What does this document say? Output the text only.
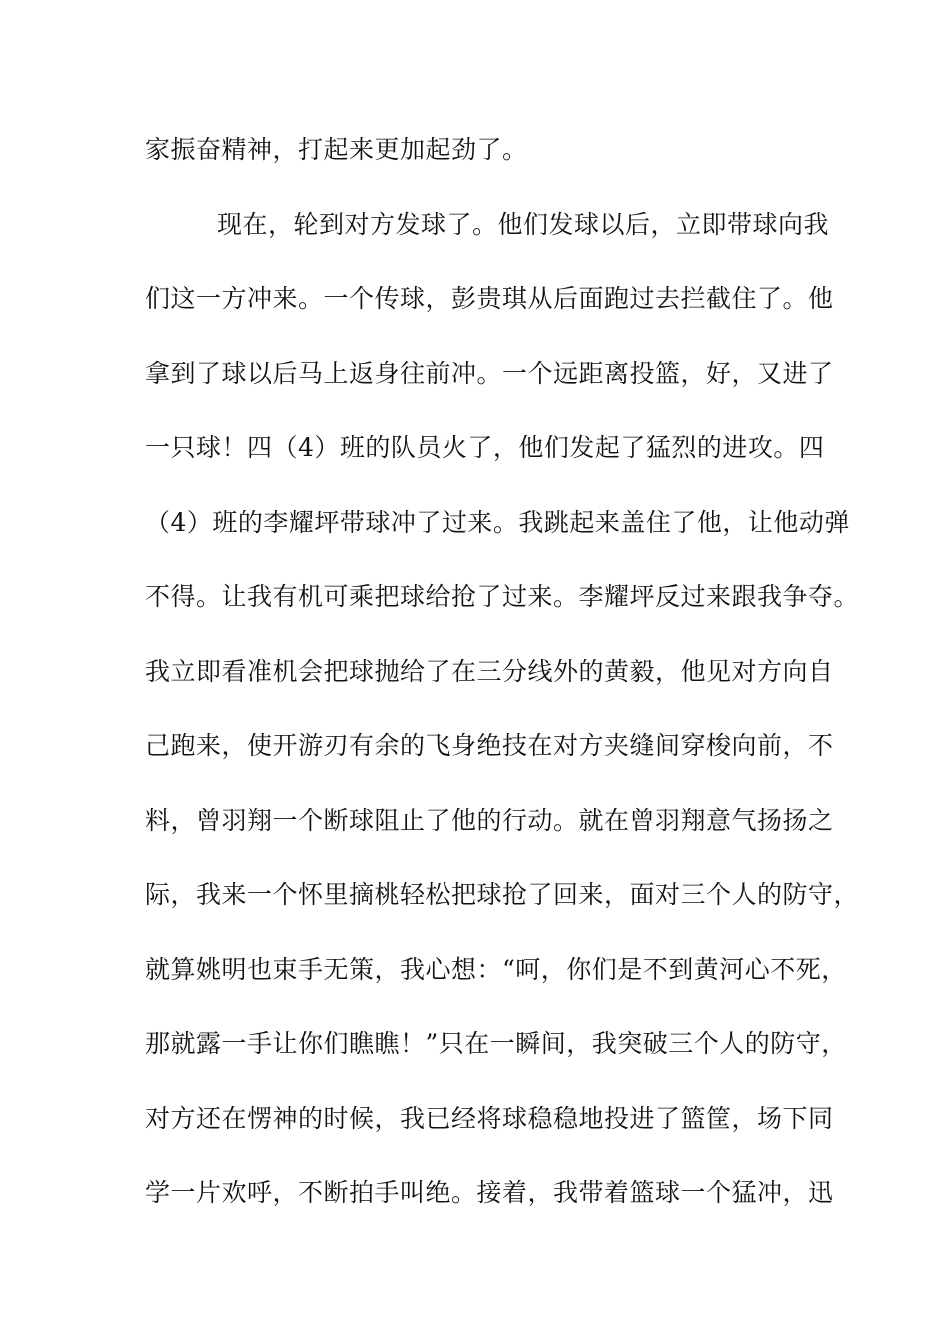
家振奋精神，打起来更加起劲了。
现在，轮到对方发球了。他们发球以后，立即带球向我
们这一方冲来。一个传球，彭贵琪从后面跑过去拦截住了。他
拿到了球以后马上返身往前冲。一个远距离投篮，好，又进了
一只球！四（4）班的队员火了，他们发起了猛烈的进攻。四
（4）班的李耀坪带球冲了过来。我跳起来盖住了他，让他动弹
不得。让我有机可乘把球给抢了过来。李耀坪反过来跟我争夺。
我立即看准机会把球抛给了在三分线外的黄毅，他见对方向自
己跑来，使开游刃有余的飞身绝技在对方夹缝间穿梭向前，不
料，曾羽翔一个断球阻止了他的行动。就在曾羽翔意气扬扬之
际，我来一个怀里摘桃轻松把球抢了回来，面对三个人的防守，
就算姚明也束手无策，我心想：“呵，你们是不到黄河心不死，
那就露一手让你们瞧瞧！”只在一瞬间，我突破三个人的防守，
对方还在愣神的时候，我已经将球稳稳地投进了篮筐，场下同
学一片欢呼，不断拍手叫绝。接着，我带着篮球一个猛冲，迅
